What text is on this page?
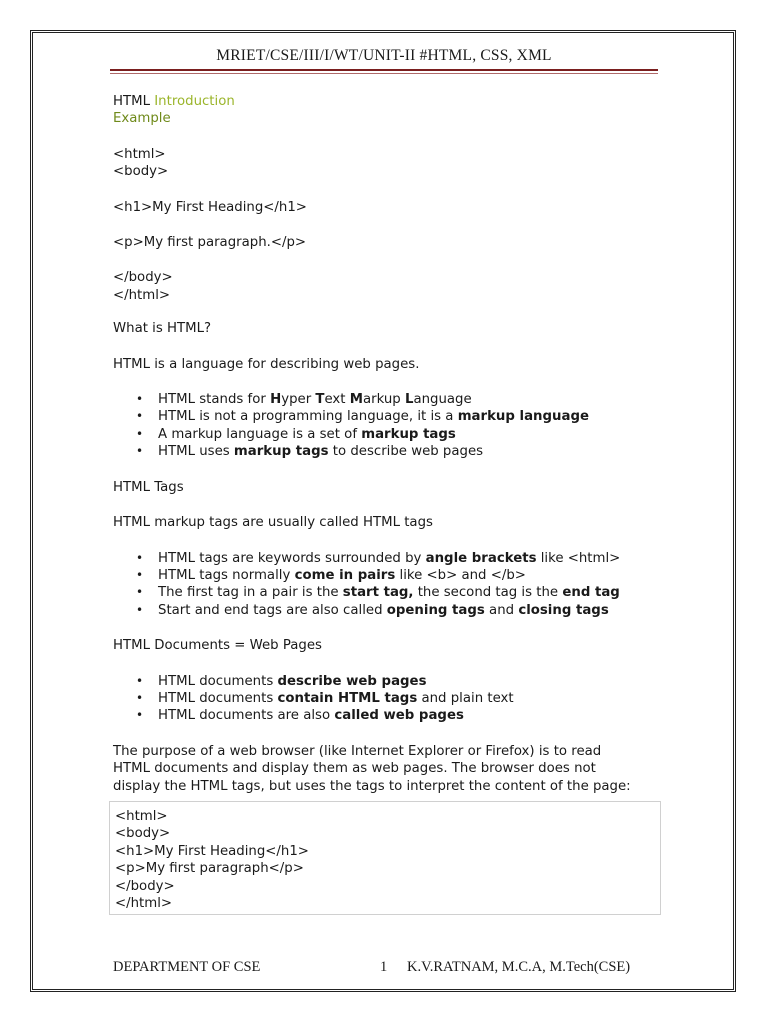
MRIET/CSE/III/I/WT/UNIT-II #HTML, CSS, XML

HTML Introduction

Example

<html>

<body>

<h1>My First Heading</h1>

<p>My first paragraph.</p>

</body>

</html>

What is HTML?

HTML is a language for describing web pages.

• HTML stands for Hyper Text Markup Language
• HTML is not a programming language, it is a markup language
• A markup language is a set of markup tags
• HTML uses markup tags to describe web pages

HTML Tags

HTML markup tags are usually called HTML tags

• HTML tags are keywords surrounded by angle brackets like <html>
• HTML tags normally come in pairs like <b> and </b>
• The first tag in a pair is the start tag, the second tag is the end tag
• Start and end tags are also called opening tags and closing tags

HTML Documents = Web Pages

• HTML documents describe web pages
• HTML documents contain HTML tags and plain text
• HTML documents are also called web pages

The purpose of a web browser (like Internet Explorer or Firefox) is to read

HTML documents and display them as web pages. The browser does not

display the HTML tags, but uses the tags to interpret the content of the page:

<html>

<body>

<h1>My First Heading</h1>

<p>My first paragraph</p>

</body>

</html>

DEPARTMENT OF CSE	1 K.V.RATNAM, M.C.A, M.Tech(CSE)
